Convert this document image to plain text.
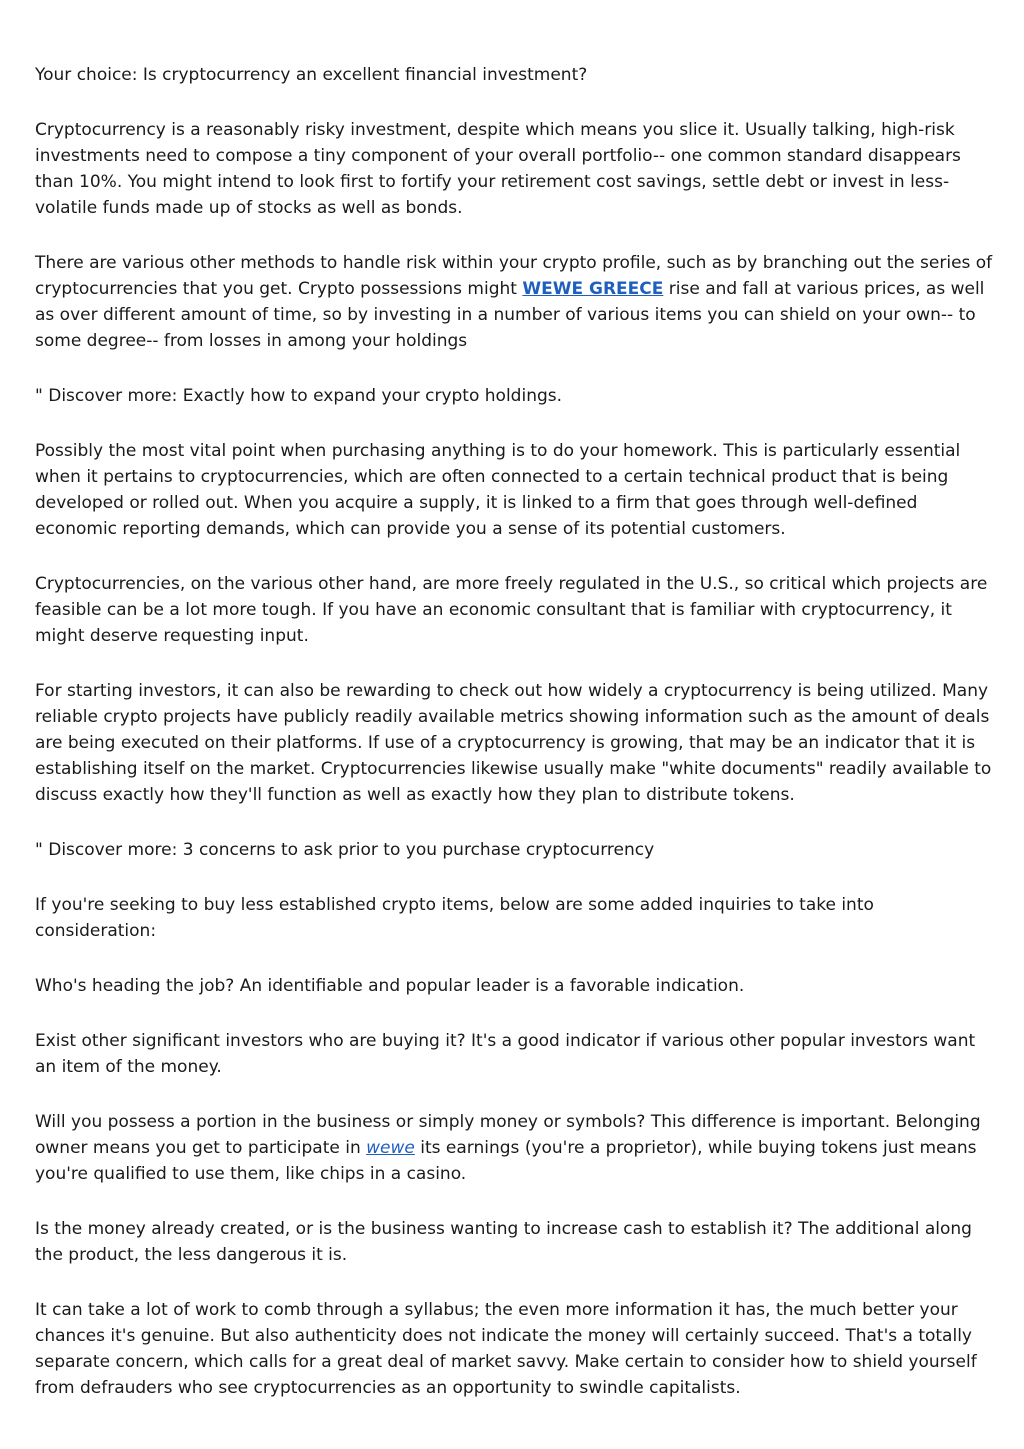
Your choice: Is cryptocurrency an excellent financial investment?

Cryptocurrency is a reasonably risky investment, despite which means you slice it. Usually talking, high-risk investments need to compose a tiny component of your overall portfolio-- one common standard disappears than 10%. You might intend to look first to fortify your retirement cost savings, settle debt or invest in less-volatile funds made up of stocks as well as bonds.

There are various other methods to handle risk within your crypto profile, such as by branching out the series of cryptocurrencies that you get. Crypto possessions might WEWE GREECE rise and fall at various prices, as well as over different amount of time, so by investing in a number of various items you can shield on your own-- to some degree-- from losses in among your holdings

" Discover more: Exactly how to expand your crypto holdings.

Possibly the most vital point when purchasing anything is to do your homework. This is particularly essential when it pertains to cryptocurrencies, which are often connected to a certain technical product that is being developed or rolled out. When you acquire a supply, it is linked to a firm that goes through well-defined economic reporting demands, which can provide you a sense of its potential customers.

Cryptocurrencies, on the various other hand, are more freely regulated in the U.S., so critical which projects are feasible can be a lot more tough. If you have an economic consultant that is familiar with cryptocurrency, it might deserve requesting input.

For starting investors, it can also be rewarding to check out how widely a cryptocurrency is being utilized. Many reliable crypto projects have publicly readily available metrics showing information such as the amount of deals are being executed on their platforms. If use of a cryptocurrency is growing, that may be an indicator that it is establishing itself on the market. Cryptocurrencies likewise usually make "white documents" readily available to discuss exactly how they'll function as well as exactly how they plan to distribute tokens.

" Discover more: 3 concerns to ask prior to you purchase cryptocurrency

If you're seeking to buy less established crypto items, below are some added inquiries to take into consideration:

Who's heading the job? An identifiable and popular leader is a favorable indication.

Exist other significant investors who are buying it? It's a good indicator if various other popular investors want an item of the money.

Will you possess a portion in the business or simply money or symbols? This difference is important. Belonging owner means you get to participate in wewe its earnings (you're a proprietor), while buying tokens just means you're qualified to use them, like chips in a casino.

Is the money already created, or is the business wanting to increase cash to establish it? The additional along the product, the less dangerous it is.

It can take a lot of work to comb through a syllabus; the even more information it has, the much better your chances it's genuine. But also authenticity does not indicate the money will certainly succeed. That's a totally separate concern, which calls for a great deal of market savvy. Make certain to consider how to shield yourself from defrauders who see cryptocurrencies as an opportunity to swindle capitalists.
